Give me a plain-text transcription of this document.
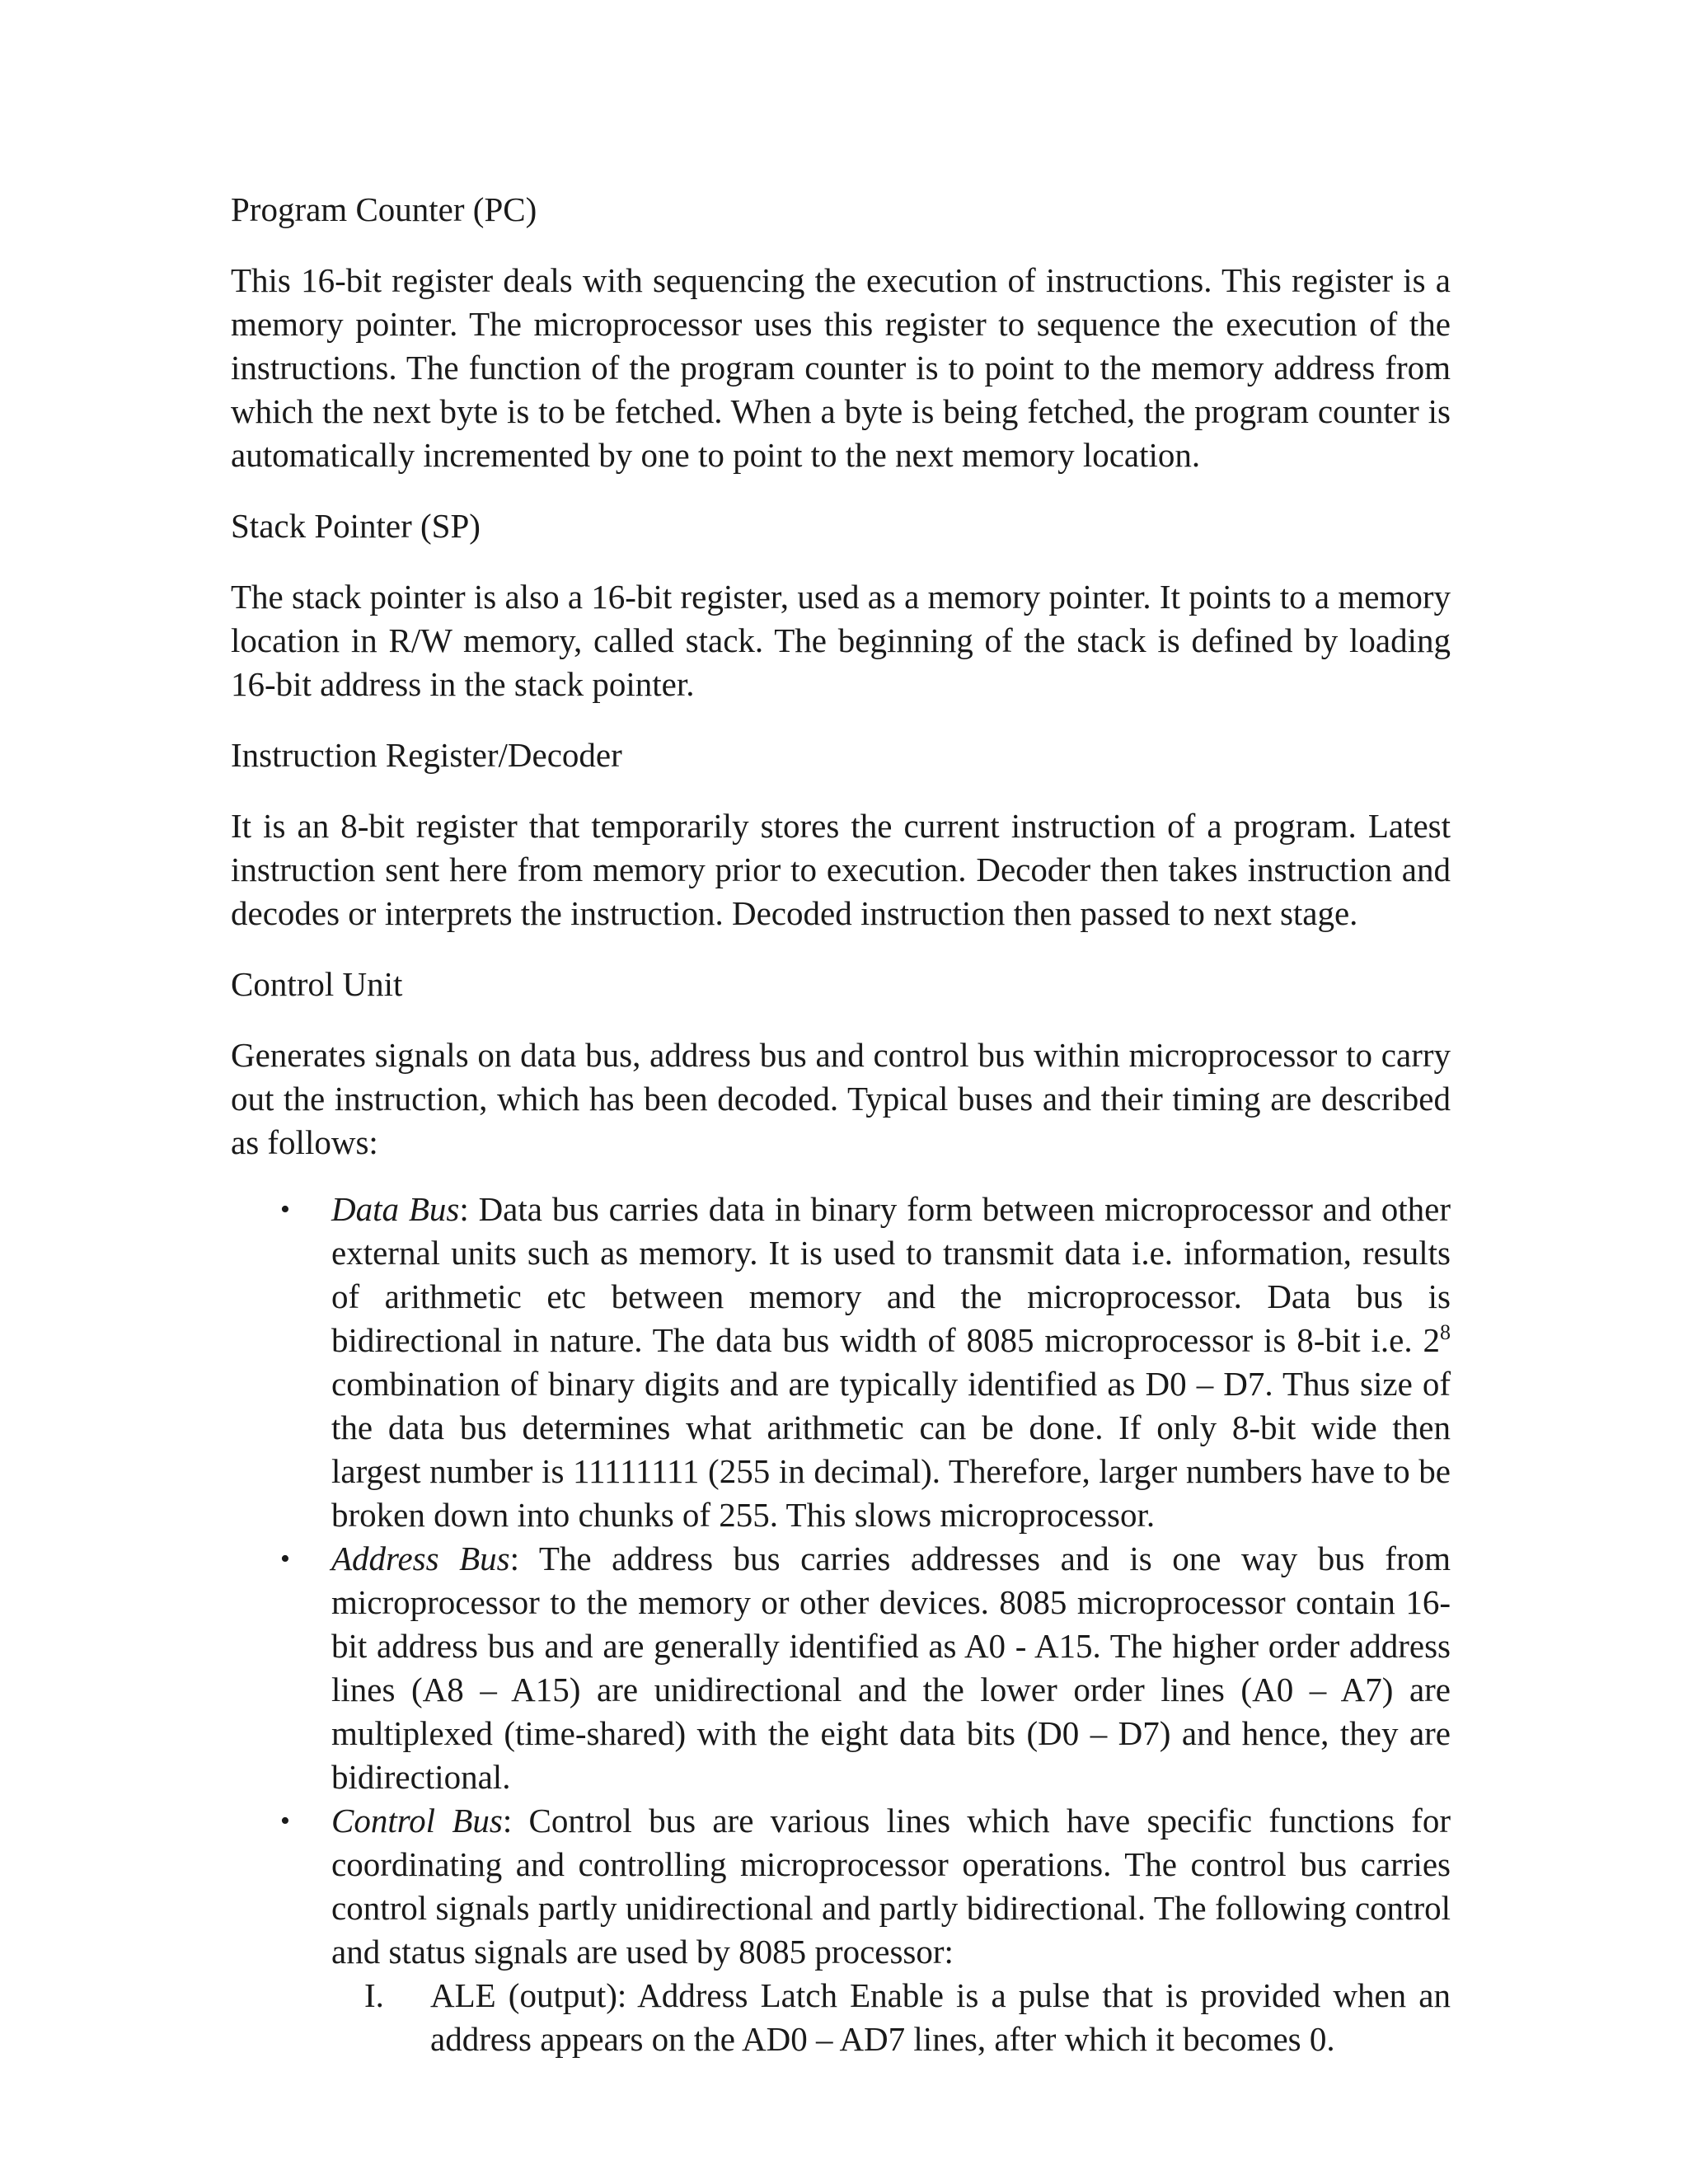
Program Counter (PC)

This 16-bit register deals with sequencing the execution of instructions. This register is a memory pointer. The microprocessor uses this register to sequence the execution of the instructions. The function of the program counter is to point to the memory address from which the next byte is to be fetched. When a byte is being fetched, the program counter is automatically incremented by one to point to the next memory location.

Stack Pointer (SP)

The stack pointer is also a 16-bit register, used as a memory pointer. It points to a memory location in R/W memory, called stack. The beginning of the stack is defined by loading 16-bit address in the stack pointer.

Instruction Register/Decoder

It is an 8-bit register that temporarily stores the current instruction of a program. Latest instruction sent here from memory prior to execution. Decoder then takes instruction and decodes or interprets the instruction. Decoded instruction then passed to next stage.

Control Unit

Generates signals on data bus, address bus and control bus within microprocessor to carry out the instruction, which has been decoded. Typical buses and their timing are described as follows:

• Data Bus: Data bus carries data in binary form between microprocessor and other external units such as memory. It is used to transmit data i.e. information, results of arithmetic etc between memory and the microprocessor. Data bus is bidirectional in nature. The data bus width of 8085 microprocessor is 8-bit i.e. $2^8$ combination of binary digits and are typically identified as D0 – D7. Thus size of the data bus determines what arithmetic can be done. If only 8-bit wide then largest number is 11111111 (255 in decimal). Therefore, larger numbers have to be broken down into chunks of 255. This slows microprocessor.
• Address Bus: The address bus carries addresses and is one way bus from microprocessor to the memory or other devices. 8085 microprocessor contain 16-bit address bus and are generally identified as A0 - A15. The higher order address lines (A8 – A15) are unidirectional and the lower order lines (A0 – A7) are multiplexed (time-shared) with the eight data bits (D0 – D7) and hence, they are bidirectional.
• Control Bus: Control bus are various lines which have specific functions for coordinating and controlling microprocessor operations. The control bus carries control signals partly unidirectional and partly bidirectional. The following control and status signals are used by 8085 processor:
I. ALE (output): Address Latch Enable is a pulse that is provided when an address appears on the AD0 – AD7 lines, after which it becomes 0.
